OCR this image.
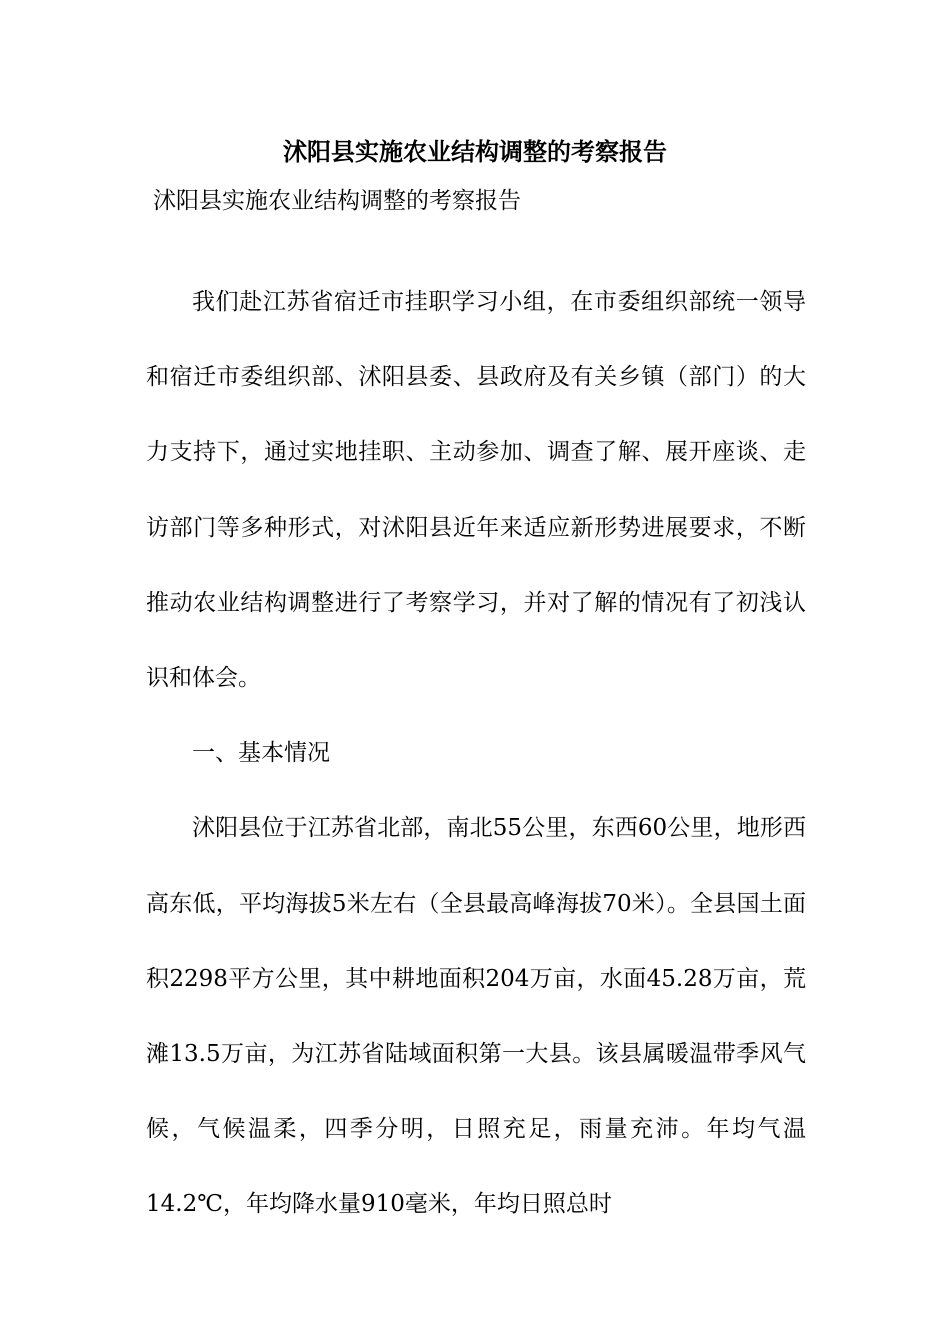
沭阳县实施农业结构调整的考察报告

沭阳县实施农业结构调整的考察报告

我们赴江苏省宿迁市挂职学习小组，在市委组织部统一领导和宿迁市委组织部、沭阳县委、县政府及有关乡镇（部门）的大力支持下，通过实地挂职、主动参加、调查了解、展开座谈、走访部门等多种形式，对沭阳县近年来适应新形势进展要求，不断推动农业结构调整进行了考察学习，并对了解的情况有了初浅认识和体会。

一、基本情况

沭阳县位于江苏省北部，南北55公里，东西60公里，地形西高东低，平均海拔5米左右（全县最高峰海拔70米）。全县国土面积2298平方公里，其中耕地面积204万亩，水面45.28万亩，荒滩13.5万亩，为江苏省陆域面积第一大县。该县属暖温带季风气候，气候温柔，四季分明，日照充足，雨量充沛。年均气温14.2℃，年均降水量910毫米，年均日照总时
